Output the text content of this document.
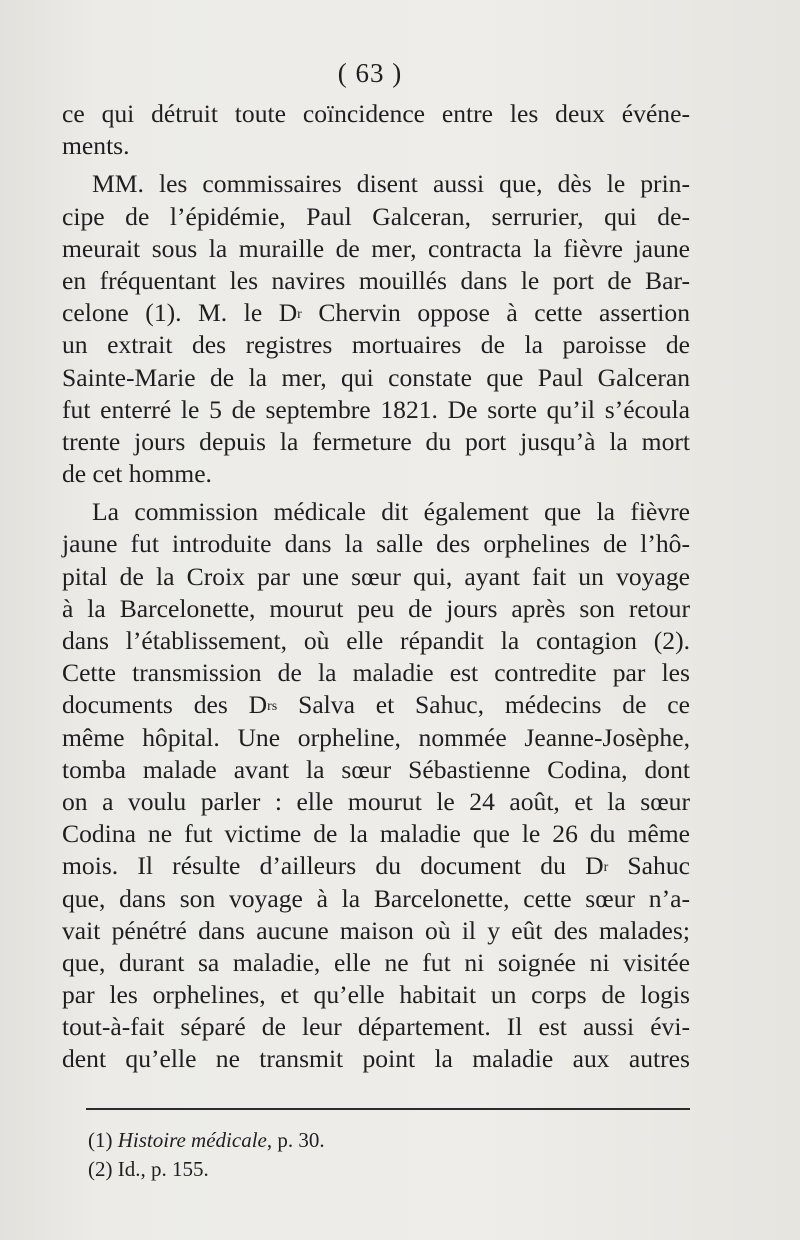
( 63 )
ce qui détruit toute coïncidence entre les deux événe-
ments.
MM. les commissaires disent aussi que, dès le prin-
cipe de l’épidémie, Paul Galceran, serrurier, qui de-
meurait sous la muraille de mer, contracta la fièvre jaune
en fréquentant les navires mouillés dans le port de Bar-
celone (1). M. le $D^r$ Chervin oppose à cette assertion
un extrait des registres mortuaires de la paroisse de
Sainte-Marie de la mer, qui constate que Paul Galceran
fut enterré le 5 de septembre 1821. De sorte qu’il s’écoula
trente jours depuis la fermeture du port jusqu’à la mort
de cet homme.
La commission médicale dit également que la fièvre
jaune fut introduite dans la salle des orphelines de l’hô-
pital de la Croix par une sœur qui, ayant fait un voyage
à la Barcelonette, mourut peu de jours après son retour
dans l’établissement, où elle répandit la contagion (2).
Cette transmission de la maladie est contredite par les
documents des $D^{rs}$ Salva et Sahuc, médecins de ce
même hôpital. Une orpheline, nommée Jeanne-Josèphe,
tomba malade avant la sœur Sébastienne Codina, dont
on a voulu parler : elle mourut le 24 août, et la sœur
Codina ne fut victime de la maladie que le 26 du même
mois. Il résulte d’ailleurs du document du $D^r$ Sahuc
que, dans son voyage à la Barcelonette, cette sœur n’a-
vait pénétré dans aucune maison où il y eût des malades;
que, durant sa maladie, elle ne fut ni soignée ni visitée
par les orphelines, et qu’elle habitait un corps de logis
tout-à-fait séparé de leur département. Il est aussi évi-
dent qu’elle ne transmit point la maladie aux autres
(1) Histoire médicale, p. 30.
(2) Id., p. 155.
